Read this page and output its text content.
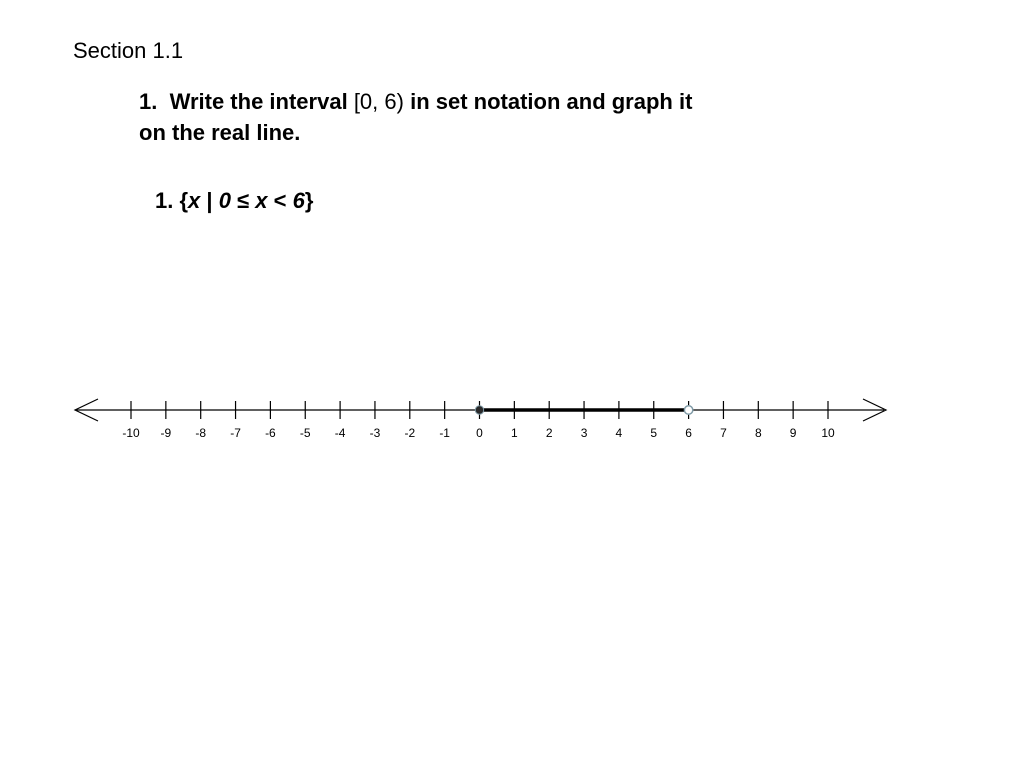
Section 1.1
1. Write the interval [0, 6) in set notation and graph it on the real line.
1. {x | 0 ≤ x < 6}
-10 -9 -8 -7 -6 -5 -4 -3 -2 -1 0 1 2 3 4 5 6 7 8 9 10
